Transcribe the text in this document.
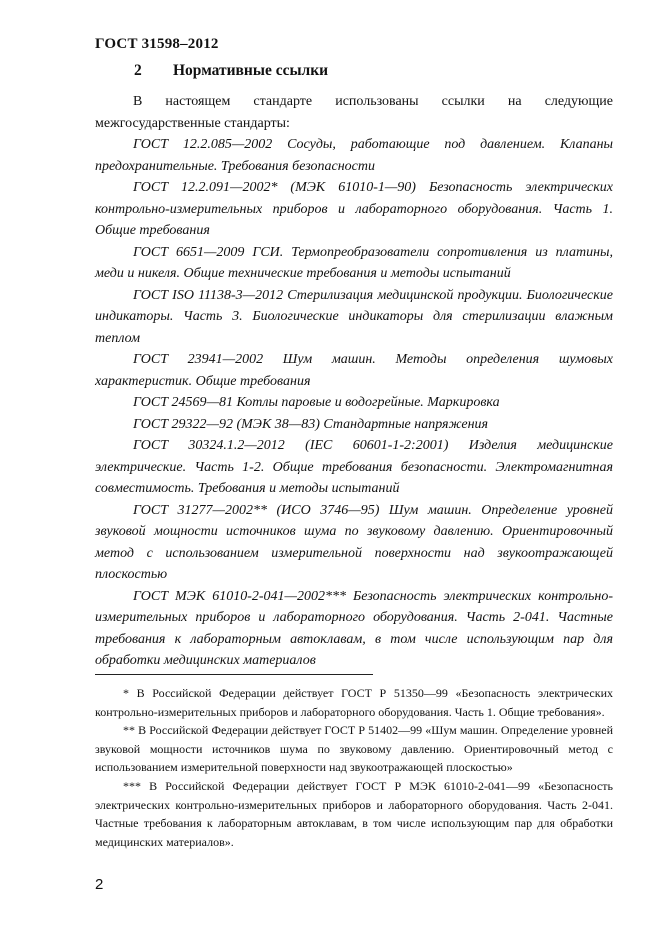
ГОСТ 31598–2012
2 Нормативные ссылки

В настоящем стандарте использованы ссылки на следующие межгосударственные стандарты:

ГОСТ 12.2.085—2002 Сосуды, работающие под давлением. Клапаны предохранительные. Требования безопасности

ГОСТ 12.2.091—2002* (МЭК 61010-1—90) Безопасность электрических контрольно-измерительных приборов и лабораторного оборудования. Часть 1. Общие требования

ГОСТ 6651—2009 ГСИ. Термопреобразователи сопротивления из платины, меди и никеля. Общие технические требования и методы испытаний

ГОСТ ISO 11138-3—2012 Стерилизация медицинской продукции. Биологические индикаторы. Часть 3. Биологические индикаторы для стерилизации влажным теплом

ГОСТ 23941—2002 Шум машин. Методы определения шумовых характеристик. Общие требования

ГОСТ 24569—81 Котлы паровые и водогрейные. Маркировка

ГОСТ 29322—92 (МЭК 38—83) Стандартные напряжения

ГОСТ 30324.1.2—2012 (IEC 60601-1-2:2001) Изделия медицинские электрические. Часть 1-2. Общие требования безопасности. Электромагнитная совместимость. Требования и методы испытаний

ГОСТ 31277—2002** (ИСО 3746—95) Шум машин. Определение уровней звуковой мощности источников шума по звуковому давлению. Ориентировочный метод с использованием измерительной поверхности над звукоотражающей плоскостью

ГОСТ МЭК 61010-2-041—2002*** Безопасность электрических контрольно-измерительных приборов и лабораторного оборудования. Часть 2-041. Частные требования к лабораторным автоклавам, в том числе использующим пар для обработки медицинских материалов

* В Российской Федерации действует ГОСТ Р 51350—99 «Безопасность электрических контрольно-измерительных приборов и лабораторного оборудования. Часть 1. Общие требования».

** В Российской Федерации действует ГОСТ Р 51402—99 «Шум машин. Определение уровней звуковой мощности источников шума по звуковому давлению. Ориентировочный метод с использованием измерительной поверхности над звукоотражающей плоскостью»

*** В Российской Федерации действует ГОСТ Р МЭК 61010-2-041—99 «Безопасность электрических контрольно-измерительных приборов и лабораторного оборудования. Часть 2-041. Частные требования к лабораторным автоклавам, в том числе использующим пар для обработки медицинских материалов».

2
